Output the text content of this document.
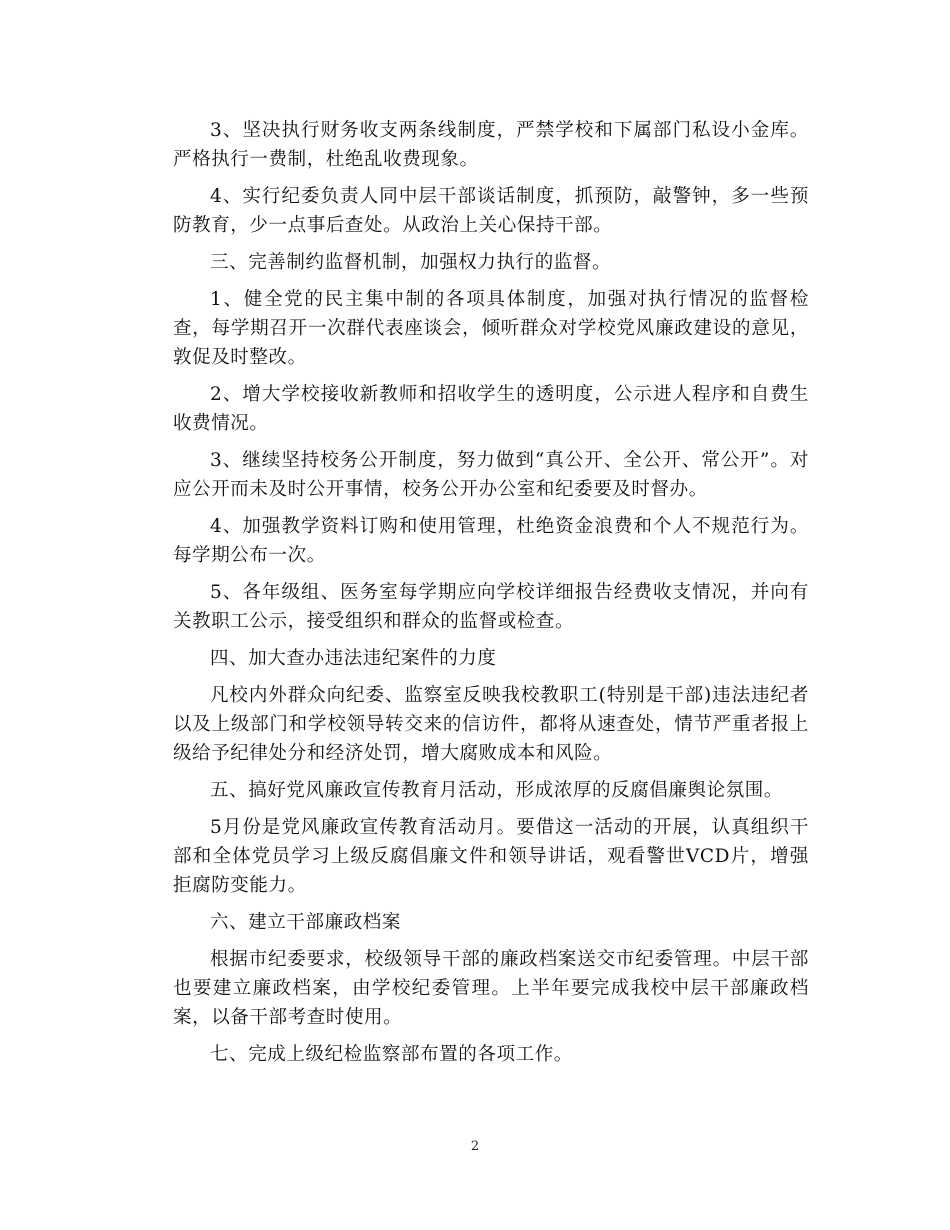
3、坚决执行财务收支两条线制度，严禁学校和下属部门私设小金库。严格执行一费制，杜绝乱收费现象。

4、实行纪委负责人同中层干部谈话制度，抓预防，敲警钟，多一些预防教育，少一点事后查处。从政治上关心保持干部。

三、完善制约监督机制，加强权力执行的监督。

1、健全党的民主集中制的各项具体制度，加强对执行情况的监督检查，每学期召开一次群代表座谈会，倾听群众对学校党风廉政建设的意见，敦促及时整改。

2、增大学校接收新教师和招收学生的透明度，公示进人程序和自费生收费情况。

3、继续坚持校务公开制度，努力做到“真公开、全公开、常公开”。对应公开而未及时公开事情，校务公开办公室和纪委要及时督办。

4、加强教学资料订购和使用管理，杜绝资金浪费和个人不规范行为。每学期公布一次。

5、各年级组、医务室每学期应向学校详细报告经费收支情况，并向有关教职工公示，接受组织和群众的监督或检查。

四、加大查办违法违纪案件的力度

凡校内外群众向纪委、监察室反映我校教职工(特别是干部)违法违纪者以及上级部门和学校领导转交来的信访件，都将从速查处，情节严重者报上级给予纪律处分和经济处罚，增大腐败成本和风险。

五、搞好党风廉政宣传教育月活动，形成浓厚的反腐倡廉舆论氛围。

5月份是党风廉政宣传教育活动月。要借这一活动的开展，认真组织干部和全体党员学习上级反腐倡廉文件和领导讲话，观看警世VCD片，增强拒腐防变能力。

六、建立干部廉政档案

根据市纪委要求，校级领导干部的廉政档案送交市纪委管理。中层干部也要建立廉政档案，由学校纪委管理。上半年要完成我校中层干部廉政档案，以备干部考查时使用。

七、完成上级纪检监察部布置的各项工作。

2
